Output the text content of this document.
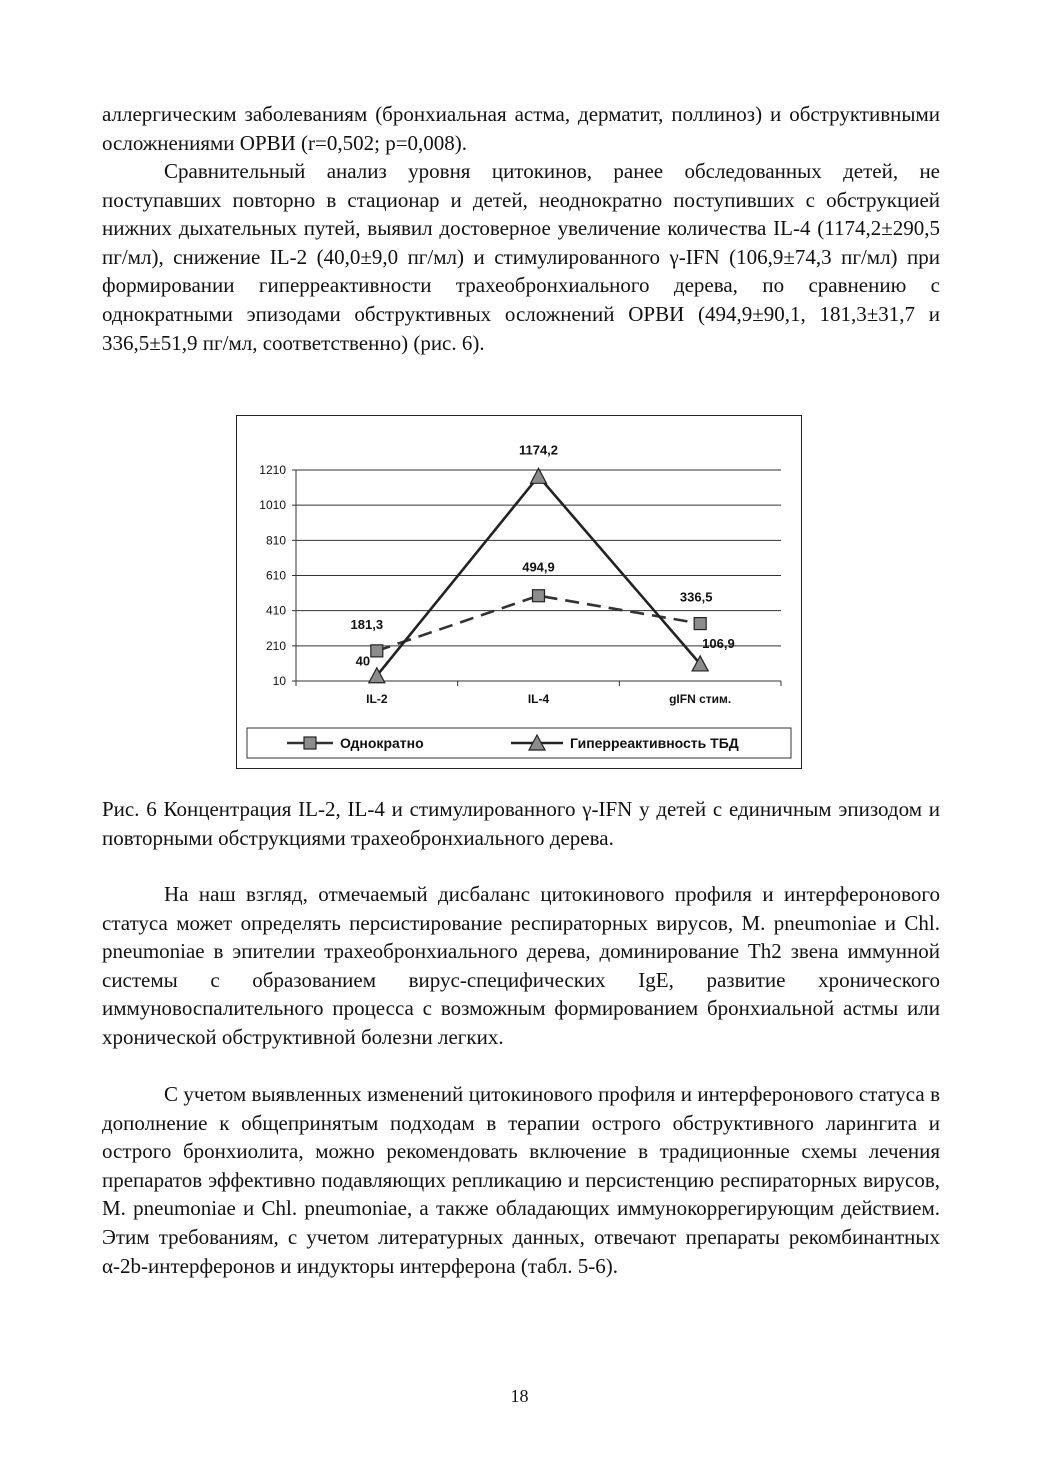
аллергическим заболеваниям (бронхиальная астма, дерматит, поллиноз) и обструктивными осложнениями ОРВИ (r=0,502; p=0,008).

Сравнительный анализ уровня цитокинов, ранее обследованных детей, не поступавших повторно в стационар и детей, неоднократно поступивших с обструкцией нижних дыхательных путей, выявил достоверное увеличение количества IL-4 (1174,2±290,5 пг/мл), снижение IL-2 (40,0±9,0 пг/мл) и стимулированного γ-IFN (106,9±74,3 пг/мл) при формировании гиперреактивности трахеобронхиального дерева, по сравнению с однократными эпизодами обструктивных осложнений ОРВИ (494,9±90,1, 181,3±31,7 и 336,5±51,9 пг/мл, соответственно) (рис. 6).

10
210
410
610
810
1010
1210
IL-2	IL-4	gIFN стим.
181,3
494,9
336,5
40
1174,2
106,9
Однократно	Гиперреактивность ТБД

Рис. 6 Концентрация IL-2, IL-4 и стимулированного γ-IFN у детей с единичным эпизодом и повторными обструкциями трахеобронхиального дерева.

На наш взгляд, отмечаемый дисбаланс цитокинового профиля и интерферонового статуса может определять персистирование респираторных вирусов, M. pneumoniae и Chl. pneumoniae в эпителии трахеобронхиального дерева, доминирование Th2 звена иммунной системы с образованием вирус-специфических IgE, развитие хронического иммуновоспалительного процесса с возможным формированием бронхиальной астмы или хронической обструктивной болезни легких.

С учетом выявленных изменений цитокинового профиля и интерферонового статуса в дополнение к общепринятым подходам в терапии острого обструктивного ларингита и острого бронхиолита, можно рекомендовать включение в традиционные схемы лечения препаратов эффективно подавляющих репликацию и персистенцию респираторных вирусов, M. pneumoniae и Chl. pneumoniae, а также обладающих иммунокоррегирующим действием. Этим требованиям, с учетом литературных данных, отвечают препараты рекомбинантных α-2b-интерферонов и индукторы интерферона (табл. 5-6).

18
